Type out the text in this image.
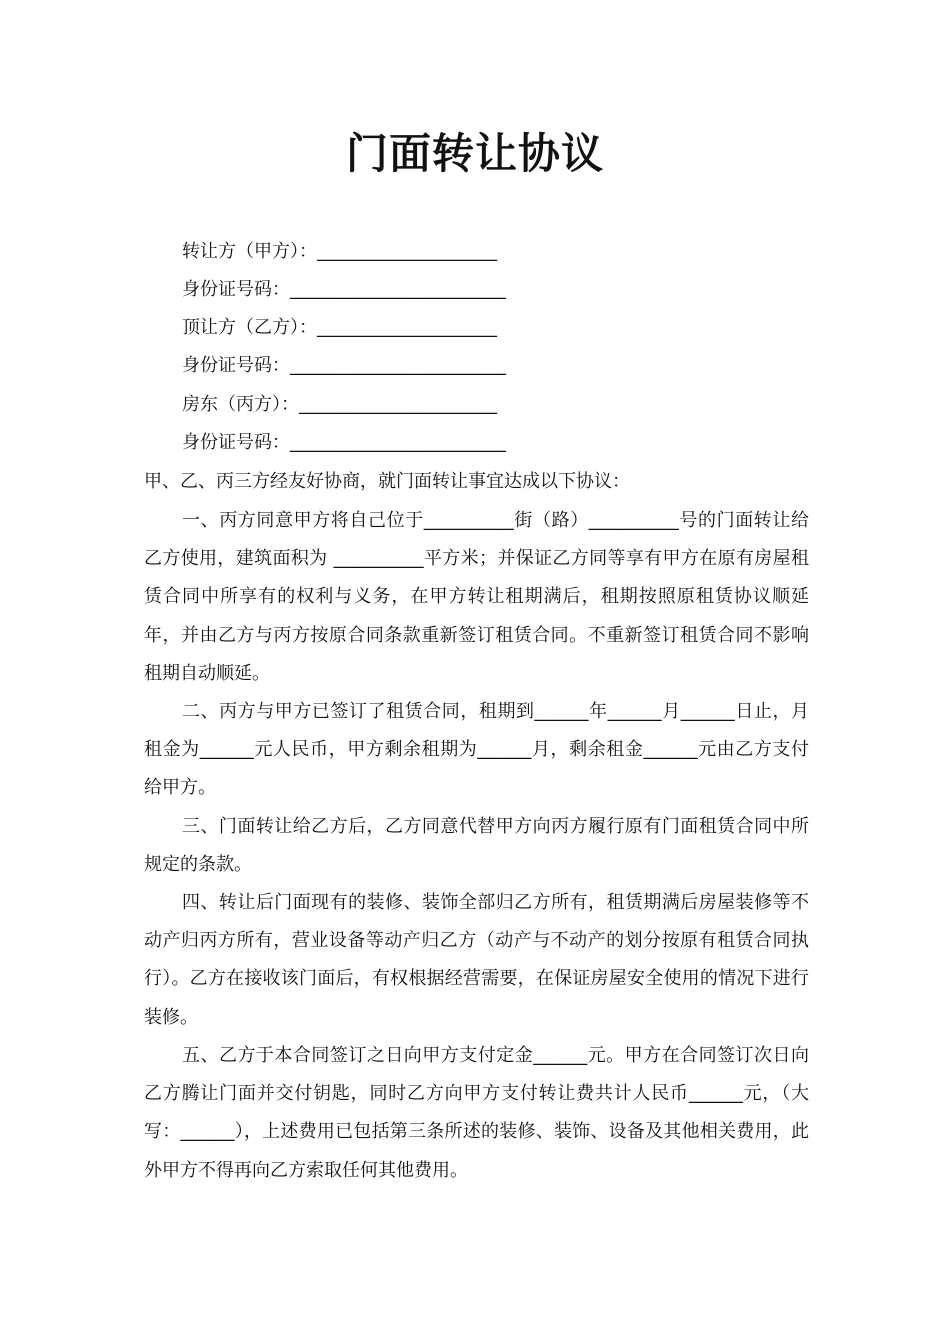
门面转让协议
转让方（甲方）：____________________
身份证号码：________________________
顶让方（乙方）：____________________
身份证号码：________________________
房东（丙方）：______________________
身份证号码：________________________
甲、乙、丙三方经友好协商，就门面转让事宜达成以下协议：
一、丙方同意甲方将自己位于__________街（路）__________号的门面转让给乙方使用，建筑面积为 __________平方米；并保证乙方同等享有甲方在原有房屋租赁合同中所享有的权利与义务，在甲方转让租期满后，租期按照原租赁协议顺延 年，并由乙方与丙方按原合同条款重新签订租赁合同。不重新签订租赁合同不影响租期自动顺延。
二、丙方与甲方已签订了租赁合同，租期到______年______月______日止，月租金为______元人民币，甲方剩余租期为______月，剩余租金______元由乙方支付给甲方。
三、门面转让给乙方后，乙方同意代替甲方向丙方履行原有门面租赁合同中所规定的条款。
四、转让后门面现有的装修、装饰全部归乙方所有，租赁期满后房屋装修等不动产归丙方所有，营业设备等动产归乙方（动产与不动产的划分按原有租赁合同执行）。乙方在接收该门面后，有权根据经营需要，在保证房屋安全使用的情况下进行装修。
五、乙方于本合同签订之日向甲方支付定金______元。甲方在合同签订次日向乙方腾让门面并交付钥匙，同时乙方向甲方支付转让费共计人民币______元，（大写：______），上述费用已包括第三条所述的装修、装饰、设备及其他相关费用，此外甲方不得再向乙方索取任何其他费用。
